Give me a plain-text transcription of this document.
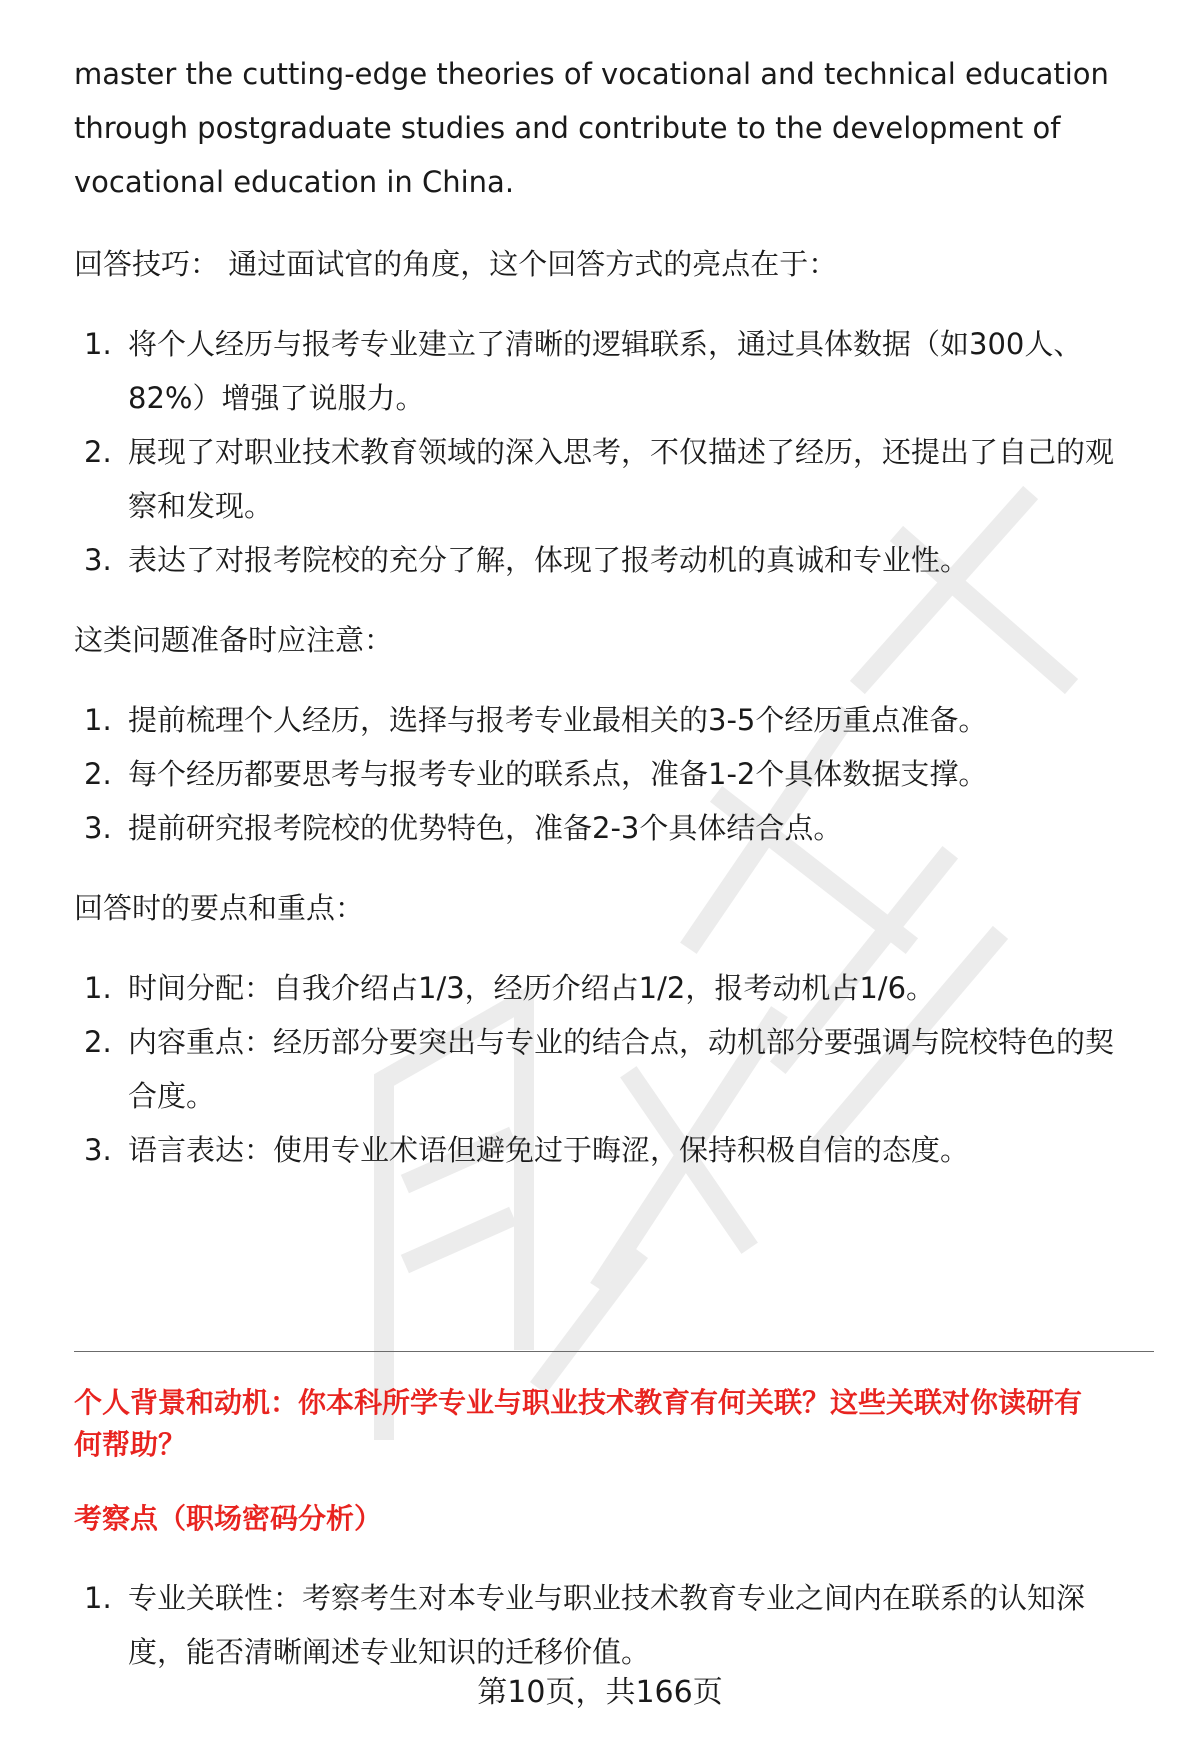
master the cutting-edge theories of vocational and technical education
through postgraduate studies and contribute to the development of
vocational education in China.
回答技巧： 通过面试官的角度，这个回答方式的亮点在于：
1. 将个人经历与报考专业建立了清晰的逻辑联系，通过具体数据（如300人、
82%）增强了说服力。
2. 展现了对职业技术教育领域的深入思考，不仅描述了经历，还提出了自己的观
察和发现。
3. 表达了对报考院校的充分了解，体现了报考动机的真诚和专业性。
这类问题准备时应注意：
1. 提前梳理个人经历，选择与报考专业最相关的3-5个经历重点准备。
2. 每个经历都要思考与报考专业的联系点，准备1-2个具体数据支撑。
3. 提前研究报考院校的优势特色，准备2-3个具体结合点。
回答时的要点和重点：
1. 时间分配：自我介绍占1/3，经历介绍占1/2，报考动机占1/6。
2. 内容重点：经历部分要突出与专业的结合点，动机部分要强调与院校特色的契
合度。
3. 语言表达：使用专业术语但避免过于晦涩，保持积极自信的态度。
个人背景和动机：你本科所学专业与职业技术教育有何关联？这些关联对你读研有
何帮助？
考察点（职场密码分析）
1. 专业关联性：考察考生对本专业与职业技术教育专业之间内在联系的认知深
度，能否清晰阐述专业知识的迁移价值。
第10页，共166页
